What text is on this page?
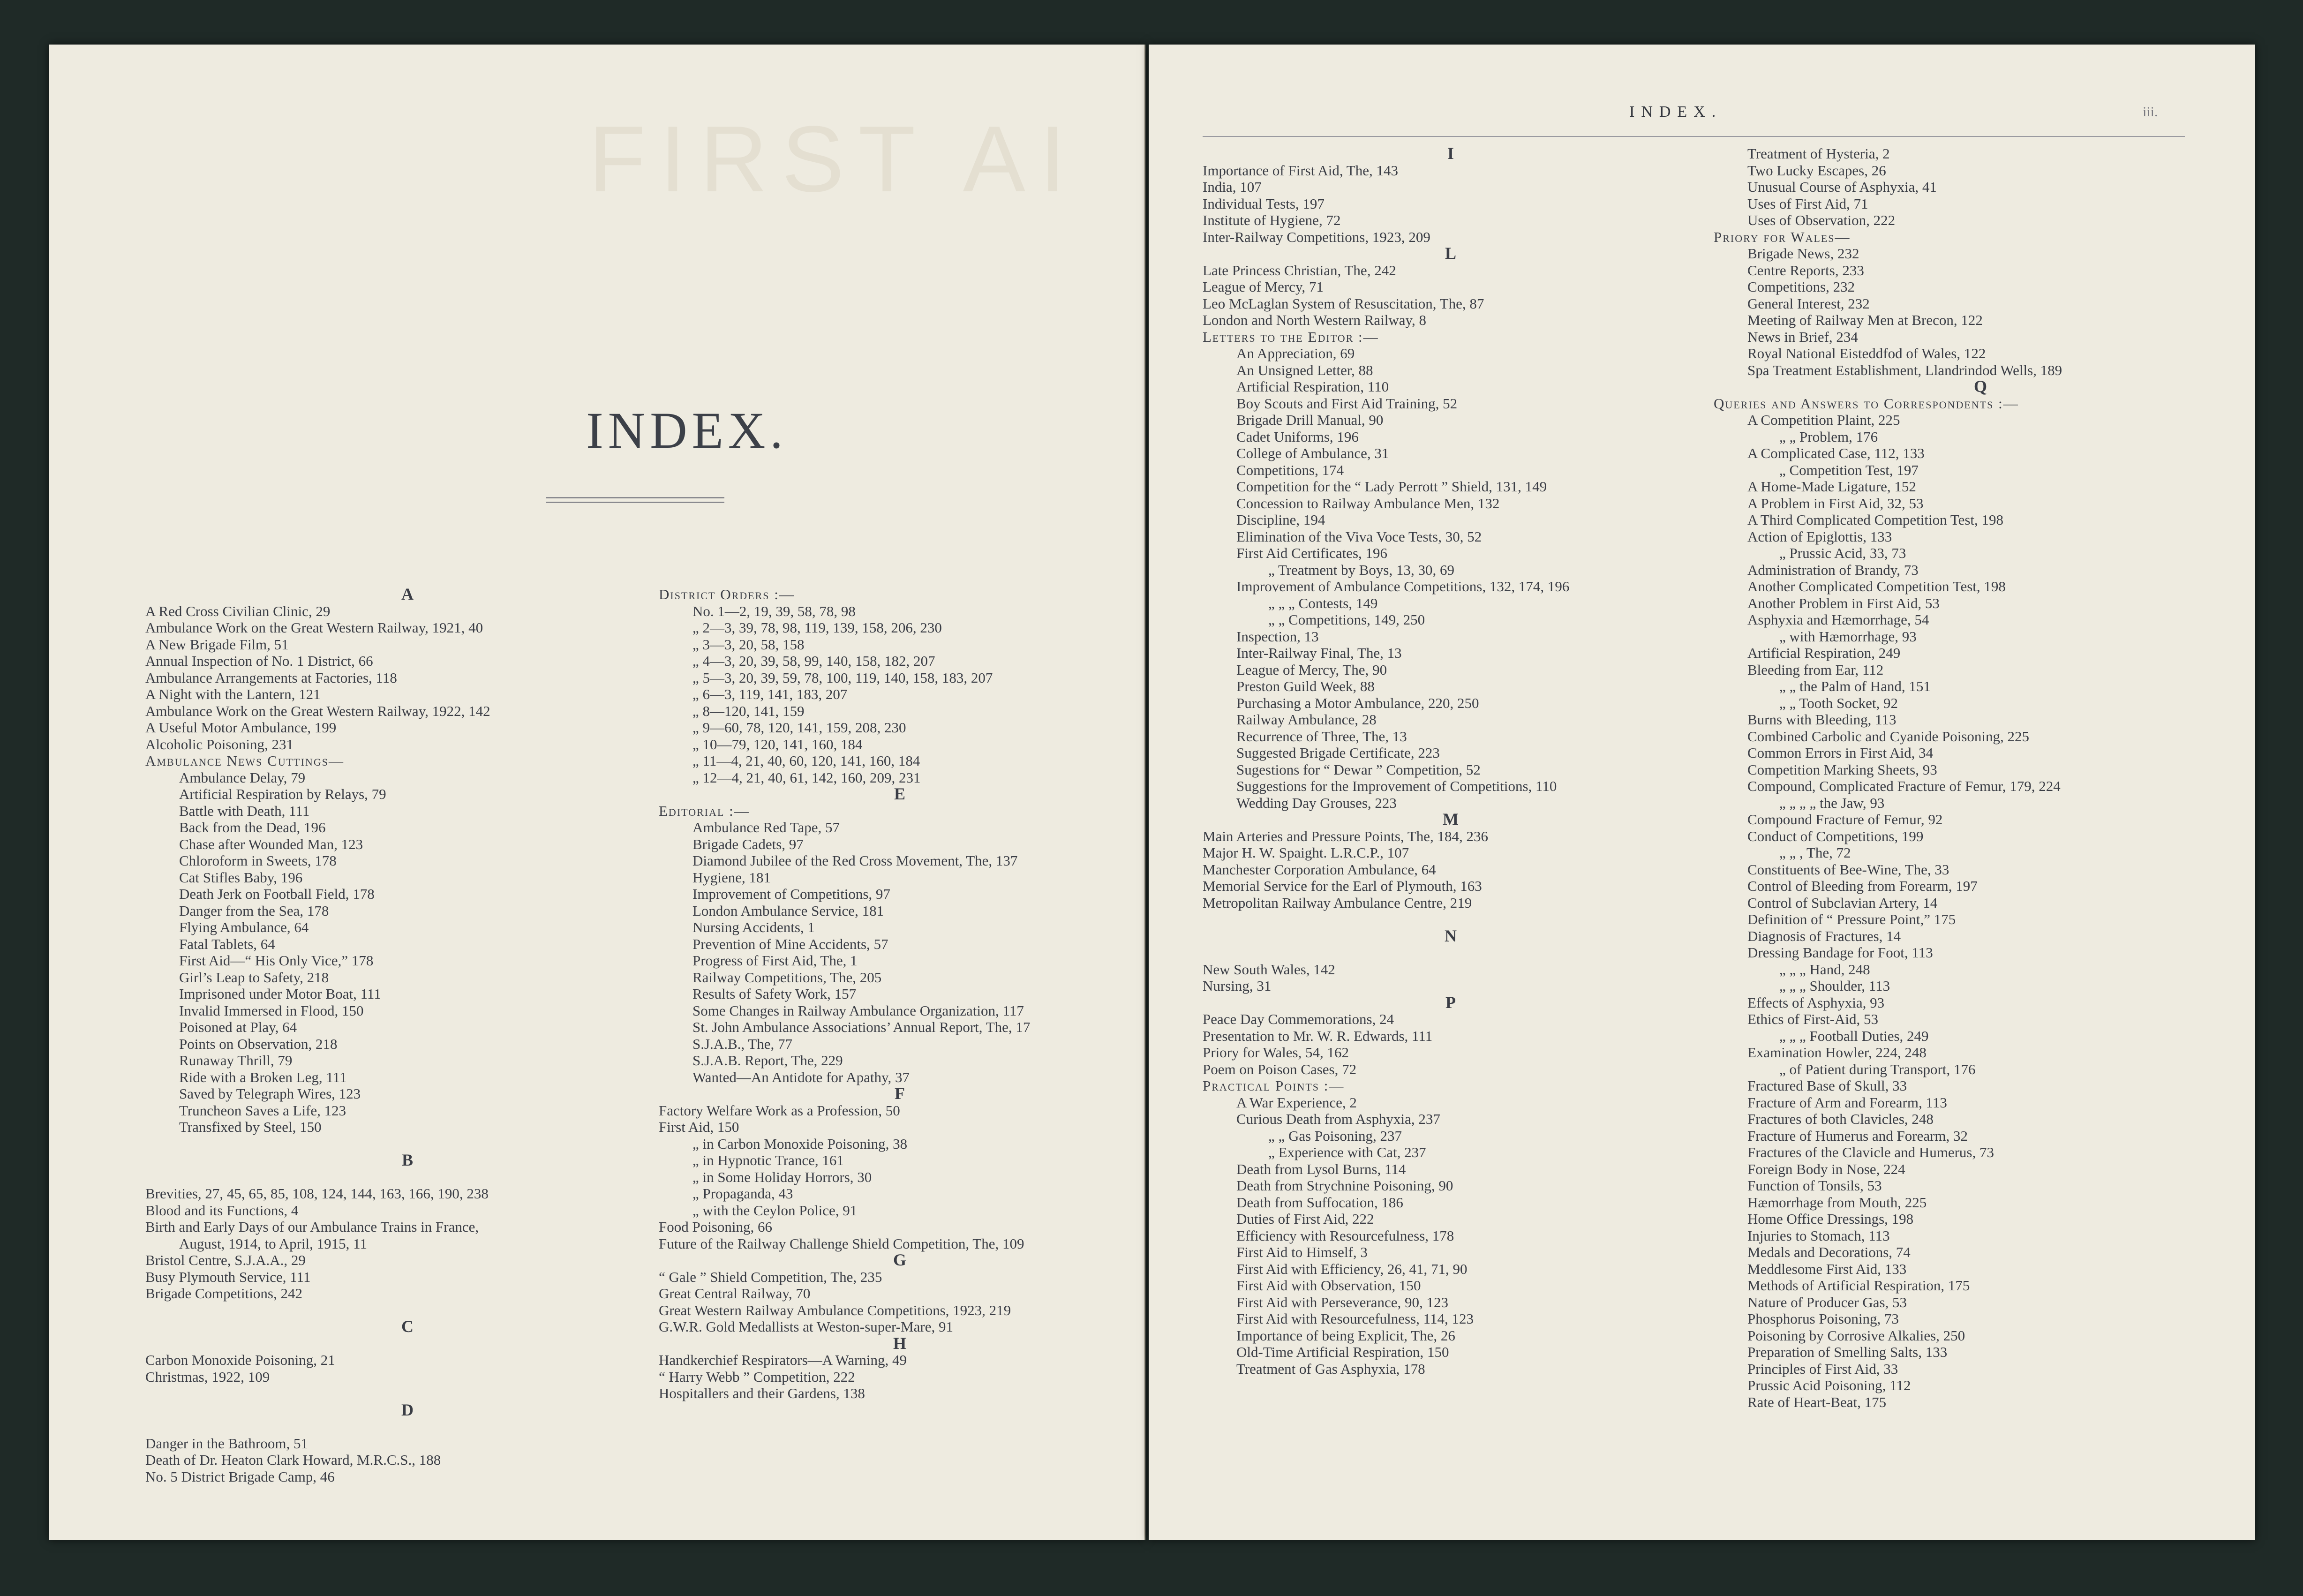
FIRST AI
INDEX.
A
A Red Cross Civilian Clinic, 29
Ambulance Work on the Great Western Railway, 1921, 40
A New Brigade Film, 51
Annual Inspection of No. 1 District, 66
Ambulance Arrangements at Factories, 118
A Night with the Lantern, 121
Ambulance Work on the Great Western Railway, 1922, 142
A Useful Motor Ambulance, 199
Alcoholic Poisoning, 231
Ambulance News Cuttings—
Ambulance Delay, 79
Artificial Respiration by Relays, 79
Battle with Death, 111
Back from the Dead, 196
Chase after Wounded Man, 123
Chloroform in Sweets, 178
Cat Stifles Baby, 196
Death Jerk on Football Field, 178
Danger from the Sea, 178
Flying Ambulance, 64
Fatal Tablets, 64
First Aid—“ His Only Vice,” 178
Girl’s Leap to Safety, 218
Imprisoned under Motor Boat, 111
Invalid Immersed in Flood, 150
Poisoned at Play, 64
Points on Observation, 218
Runaway Thrill, 79
Ride with a Broken Leg, 111
Saved by Telegraph Wires, 123
Truncheon Saves a Life, 123
Transfixed by Steel, 150
B
Brevities, 27, 45, 65, 85, 108, 124, 144, 163, 166, 190, 238
Blood and its Functions, 4
Birth and Early Days of our Ambulance Trains in France,
August, 1914, to April, 1915, 11
Bristol Centre, S.J.A.A., 29
Busy Plymouth Service, 111
Brigade Competitions, 242
C
Carbon Monoxide Poisoning, 21
Christmas, 1922, 109
D
Danger in the Bathroom, 51
Death of Dr. Heaton Clark Howard, M.R.C.S., 188
No. 5 District Brigade Camp, 46
District Orders :—
No. 1—2, 19, 39, 58, 78, 98
„ 2—3, 39, 78, 98, 119, 139, 158, 206, 230
„ 3—3, 20, 58, 158
„ 4—3, 20, 39, 58, 99, 140, 158, 182, 207
„ 5—3, 20, 39, 59, 78, 100, 119, 140, 158, 183, 207
„ 6—3, 119, 141, 183, 207
„ 8—120, 141, 159
„ 9—60, 78, 120, 141, 159, 208, 230
„ 10—79, 120, 141, 160, 184
„ 11—4, 21, 40, 60, 120, 141, 160, 184
„ 12—4, 21, 40, 61, 142, 160, 209, 231
E
Editorial :—
Ambulance Red Tape, 57
Brigade Cadets, 97
Diamond Jubilee of the Red Cross Movement, The, 137
Hygiene, 181
Improvement of Competitions, 97
London Ambulance Service, 181
Nursing Accidents, 1
Prevention of Mine Accidents, 57
Progress of First Aid, The, 1
Railway Competitions, The, 205
Results of Safety Work, 157
Some Changes in Railway Ambulance Organization, 117
St. John Ambulance Associations’ Annual Report, The, 17
S.J.A.B., The, 77
S.J.A.B. Report, The, 229
Wanted—An Antidote for Apathy, 37
F
Factory Welfare Work as a Profession, 50
First Aid, 150
„ in Carbon Monoxide Poisoning, 38
„ in Hypnotic Trance, 161
„ in Some Holiday Horrors, 30
„ Propaganda, 43
„ with the Ceylon Police, 91
Food Poisoning, 66
Future of the Railway Challenge Shield Competition, The, 109
G
“ Gale ” Shield Competition, The, 235
Great Central Railway, 70
Great Western Railway Ambulance Competitions, 1923, 219
G.W.R. Gold Medallists at Weston-super-Mare, 91
H
Handkerchief Respirators—A Warning, 49
“ Harry Webb ” Competition, 222
Hospitallers and their Gardens, 138
I
Importance of First Aid, The, 143
India, 107
Individual Tests, 197
Institute of Hygiene, 72
Inter-Railway Competitions, 1923, 209
L
Late Princess Christian, The, 242
League of Mercy, 71
Leo McLaglan System of Resuscitation, The, 87
London and North Western Railway, 8
Letters to the Editor :—
An Appreciation, 69
An Unsigned Letter, 88
Artificial Respiration, 110
Boy Scouts and First Aid Training, 52
Brigade Drill Manual, 90
Cadet Uniforms, 196
College of Ambulance, 31
Competitions, 174
Competition for the “ Lady Perrott ” Shield, 131, 149
Concession to Railway Ambulance Men, 132
Discipline, 194
Elimination of the Viva Voce Tests, 30, 52
First Aid Certificates, 196
„ Treatment by Boys, 13, 30, 69
Improvement of Ambulance Competitions, 132, 174, 196
„ „ „ Contests, 149
„ „ Competitions, 149, 250
Inspection, 13
Inter-Railway Final, The, 13
League of Mercy, The, 90
Preston Guild Week, 88
Purchasing a Motor Ambulance, 220, 250
Railway Ambulance, 28
Recurrence of Three, The, 13
Suggested Brigade Certificate, 223
Sugestions for “ Dewar ” Competition, 52
Suggestions for the Improvement of Competitions, 110
Wedding Day Grouses, 223
M
Main Arteries and Pressure Points, The, 184, 236
Major H. W. Spaight. L.R.C.P., 107
Manchester Corporation Ambulance, 64
Memorial Service for the Earl of Plymouth, 163
Metropolitan Railway Ambulance Centre, 219
N
New South Wales, 142
Nursing, 31
P
Peace Day Commemorations, 24
Presentation to Mr. W. R. Edwards, 111
Priory for Wales, 54, 162
Poem on Poison Cases, 72
Practical Points :—
A War Experience, 2
Curious Death from Asphyxia, 237
„ „ Gas Poisoning, 237
„ Experience with Cat, 237
Death from Lysol Burns, 114
Death from Strychnine Poisoning, 90
Death from Suffocation, 186
Duties of First Aid, 222
Efficiency with Resourcefulness, 178
First Aid to Himself, 3
First Aid with Efficiency, 26, 41, 71, 90
First Aid with Observation, 150
First Aid with Perseverance, 90, 123
First Aid with Resourcefulness, 114, 123
Importance of being Explicit, The, 26
Old-Time Artificial Respiration, 150
Treatment of Gas Asphyxia, 178
Treatment of Hysteria, 2
Two Lucky Escapes, 26
Unusual Course of Asphyxia, 41
Uses of First Aid, 71
Uses of Observation, 222
Priory for Wales—
Brigade News, 232
Centre Reports, 233
Competitions, 232
General Interest, 232
Meeting of Railway Men at Brecon, 122
News in Brief, 234
Royal National Eisteddfod of Wales, 122
Spa Treatment Establishment, Llandrindod Wells, 189
Q
Queries and Answers to Correspondents :—
A Competition Plaint, 225
„ „ Problem, 176
A Complicated Case, 112, 133
„ Competition Test, 197
A Home-Made Ligature, 152
A Problem in First Aid, 32, 53
A Third Complicated Competition Test, 198
Action of Epiglottis, 133
„ Prussic Acid, 33, 73
Administration of Brandy, 73
Another Complicated Competition Test, 198
Another Problem in First Aid, 53
Asphyxia and Hæmorrhage, 54
„ with Hæmorrhage, 93
Artificial Respiration, 249
Bleeding from Ear, 112
„ „ the Palm of Hand, 151
„ „ Tooth Socket, 92
Burns with Bleeding, 113
Combined Carbolic and Cyanide Poisoning, 225
Common Errors in First Aid, 34
Competition Marking Sheets, 93
Compound, Complicated Fracture of Femur, 179, 224
„ „ „ „ the Jaw, 93
Compound Fracture of Femur, 92
Conduct of Competitions, 199
„ „ , The, 72
Constituents of Bee-Wine, The, 33
Control of Bleeding from Forearm, 197
Control of Subclavian Artery, 14
Definition of “ Pressure Point,” 175
Diagnosis of Fractures, 14
Dressing Bandage for Foot, 113
„ „ „ Hand, 248
„ „ „ Shoulder, 113
Effects of Asphyxia, 93
Ethics of First-Aid, 53
„ „ „ Football Duties, 249
Examination Howler, 224, 248
„ of Patient during Transport, 176
Fractured Base of Skull, 33
Fracture of Arm and Forearm, 113
Fractures of both Clavicles, 248
Fracture of Humerus and Forearm, 32
Fractures of the Clavicle and Humerus, 73
Foreign Body in Nose, 224
Function of Tonsils, 53
Hæmorrhage from Mouth, 225
Home Office Dressings, 198
Injuries to Stomach, 113
Medals and Decorations, 74
Meddlesome First Aid, 133
Methods of Artificial Respiration, 175
Nature of Producer Gas, 53
Phosphorus Poisoning, 73
Poisoning by Corrosive Alkalies, 250
Preparation of Smelling Salts, 133
Principles of First Aid, 33
Prussic Acid Poisoning, 112
Rate of Heart-Beat, 175
INDEX.	iii.
